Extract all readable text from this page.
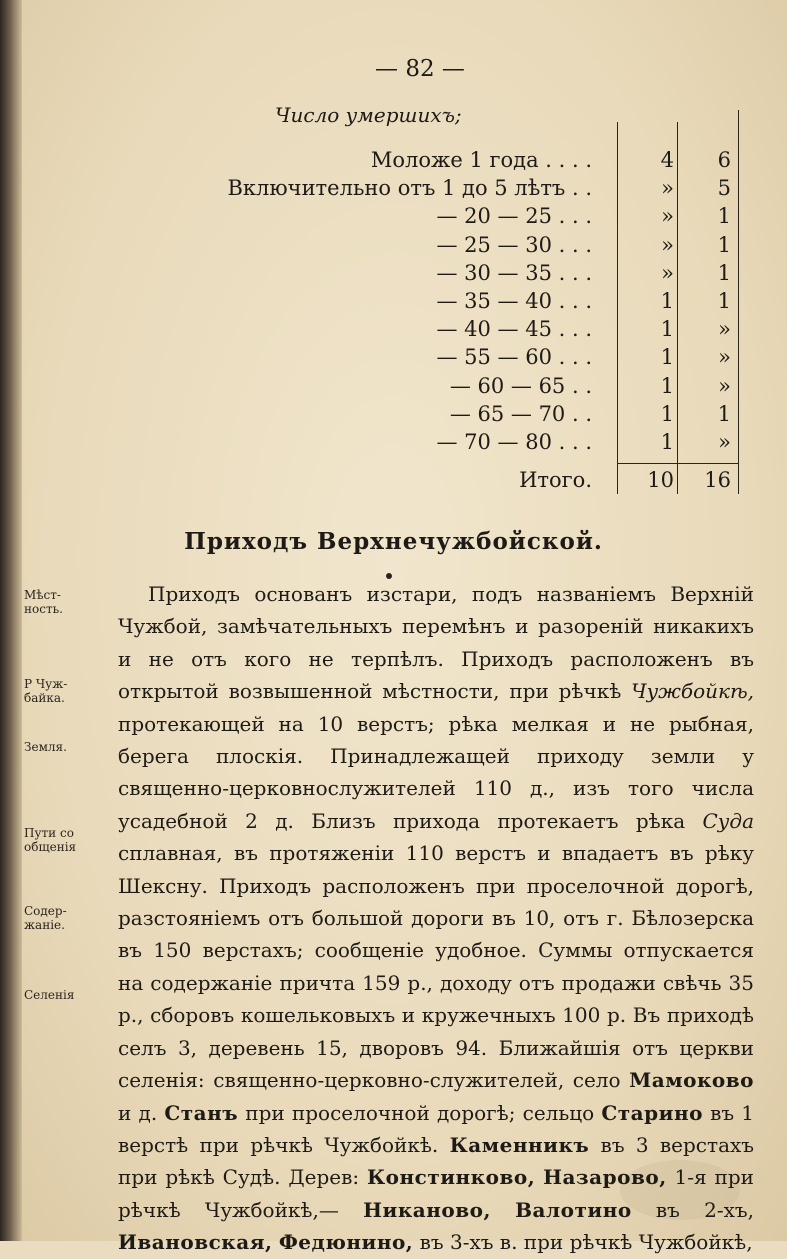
— 82 —
Число умершихъ;
Моложе 1 года . . . .	4	6
Включительно отъ 1 до 5 лѣтъ . .	»	5
— 20 — 25 . . .	»	1
— 25 — 30 . . .	»	1
— 30 — 35 . . .	»	1
— 35 — 40 . . .	1	1
— 40 — 45 . . .	1	»
— 55 — 60 . . .	1	»
— 60 — 65 . .	1	»
— 65 — 70 . .	1	1
— 70 — 80 . . .	1	»
Итого.	10	16
Приходъ Верхнечужбойской.
Мѣст-ность.
Р Чуж-байка.
Земля.
Пути со общенія
Содер-жаніе.
Селенія

Приходъ основанъ изстари, подъ названіемъ Верхній Чужбой, замѣчательныхъ перемѣнъ и разореній никакихъ и не отъ кого не терпѣлъ. Приходъ расположенъ въ открытой возвышенной мѣстности, при рѣчкѣ Чужбойкѣ, протекающей на 10 верстъ; рѣка мелкая и не рыбная, берега плоскія. Принадлежащей приходу земли у священно-церковнослужителей 110 д., изъ того числа усадебной 2 д. Близъ прихода протекаетъ рѣка Суда сплавная, въ протяженіи 110 верстъ и впадаетъ въ рѣку Шексну. Приходъ расположенъ при проселочной дорогѣ, разстояніемъ отъ большой дороги въ 10, отъ г. Бѣлозерска въ 150 верстахъ; сообщеніе удобное. Суммы отпускается на содержаніе причта 159 р., доходу отъ продажи свѣчь 35 р., сборовъ кошельковыхъ и кружечныхъ 100 р. Въ приходѣ селъ 3, деревень 15, дворовъ 94. Ближайшія отъ церкви селенія: священно-церковно-служителей, село Мамоково и д. Станъ при проселочной дорогѣ; сельцо Старино въ 1 верстѣ при рѣчкѣ Чужбойкѣ. Каменникъ въ 3 верстахъ при рѣкѣ Судѣ. Дерев: Констинково, Назарово, 1-я при рѣчкѣ Чужбойкѣ,— Никаново, Валотино въ 2-хъ, Ивановская, Федюнино, въ 3-хъ в. при рѣчкѣ Чужбойкѣ,
